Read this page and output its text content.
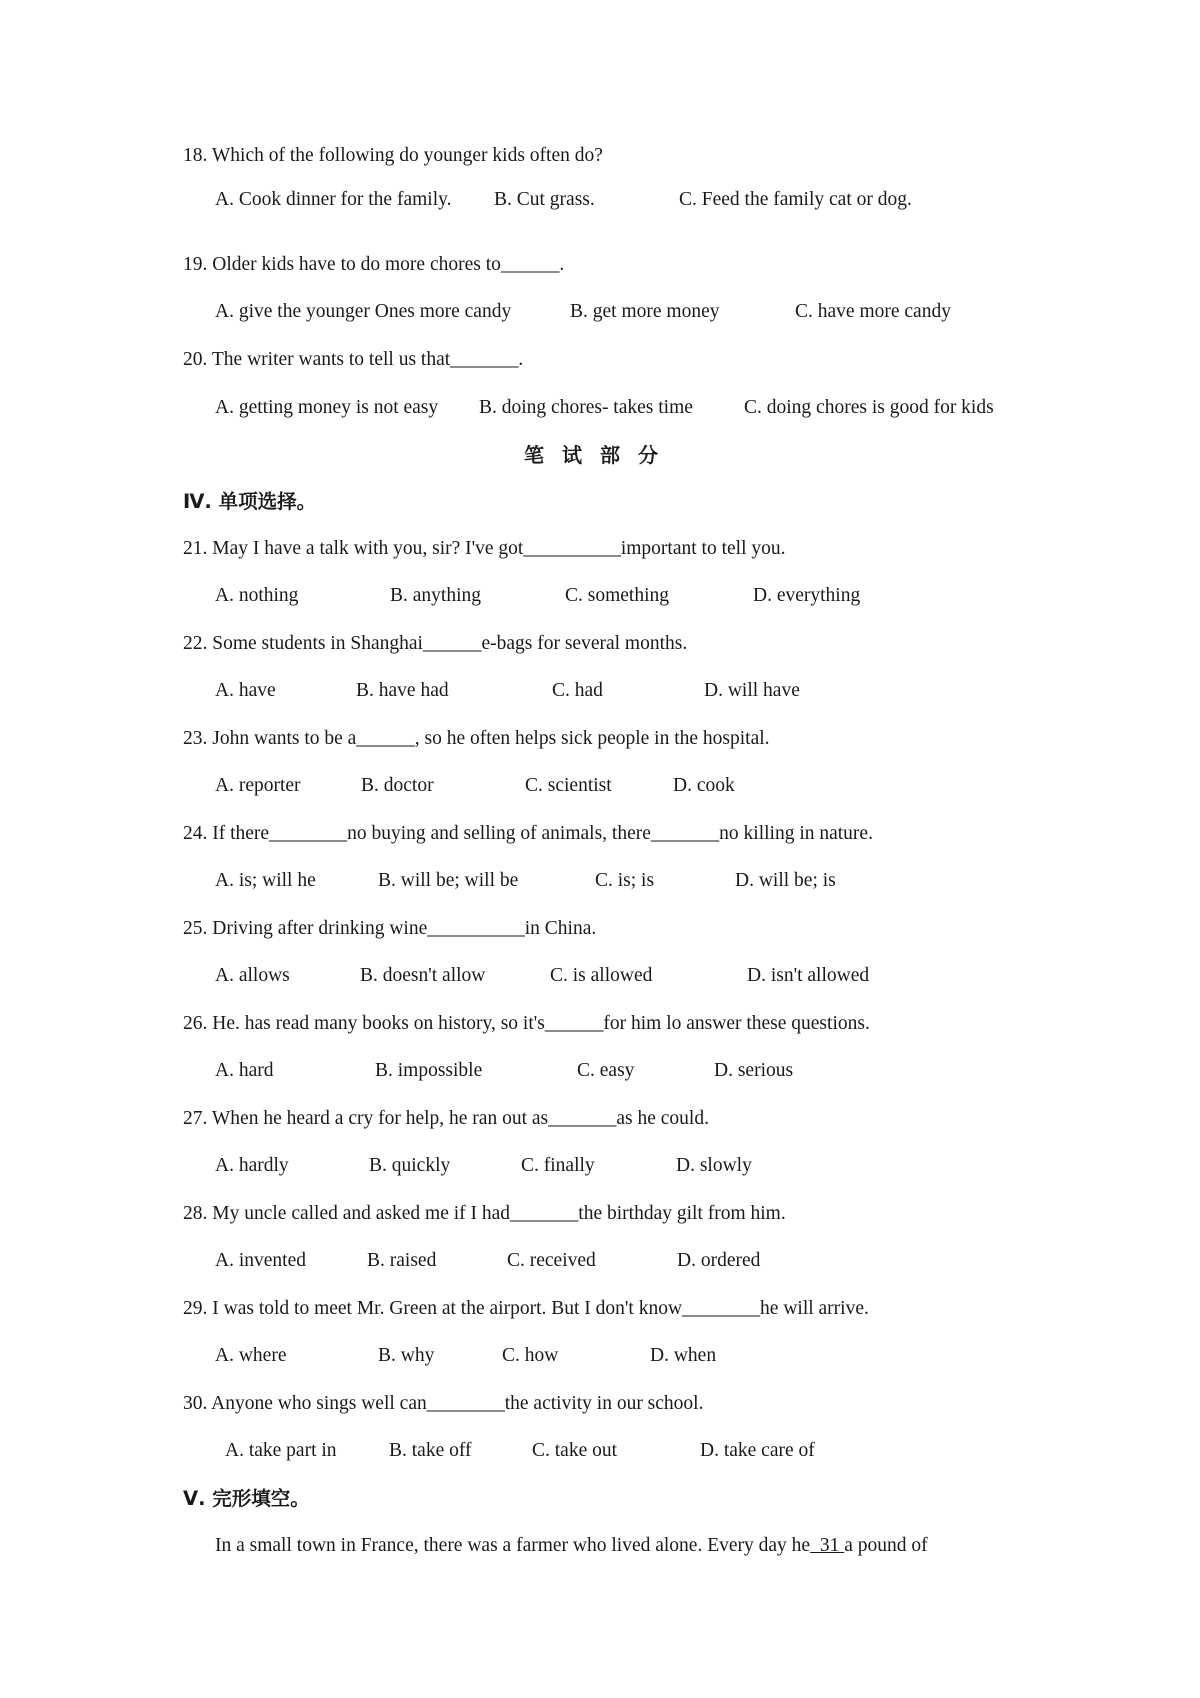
18. Which of the following do younger kids often do?
A. Cook dinner for the family. B. Cut grass.	C. Feed the family cat or dog.
19. Older kids have to do more chores to______.
A. give the younger Ones more candy	B. get more money	C. have more candy
20. The writer wants to tell us that_______.
A. getting money is not easy B. doing chores- takes time	C. doing chores is good for kids
笔试部分
Ⅳ. 单项选择。
21. May I have a talk with you, sir? I've got__________important to tell you.
A. nothing	B. anything	C. something	D. everything
22. Some students in Shanghai______e-bags for several months.
A. have	B. have had	C. had	D. will have
23. John wants to be a______, so he often helps sick people in the hospital.
A. reporter	B. doctor	C. scientist	D. cook
24. If there________no buying and selling of animals, there_______no killing in nature.
A. is; will he	B. will be; will be	C. is; is	D. will be; is
25. Driving after drinking wine__________in China.
A. allows	B. doesn't allow	C. is allowed	D. isn't allowed
26. He. has read many books on history, so it's______for him lo answer these questions.
A. hard	B. impossible	C. easy	D. serious
27. When he heard a cry for help, he ran out as_______as he could.
A. hardly	B. quickly	C. finally	D. slowly
28. My uncle called and asked me if I had_______the birthday gilt from him.
A. invented	B. raised	C. received	D. ordered
29. I was told to meet Mr. Green at the airport. But I don't know________he will arrive.
A. where	B. why	C. how	D. when
30. Anyone who sings well can________the activity in our school.
A. take part in	B. take off	C. take out	D. take care of
Ⅴ. 完形填空。
In a small town in France, there was a farmer who lived alone. Every day he  31 a pound of
